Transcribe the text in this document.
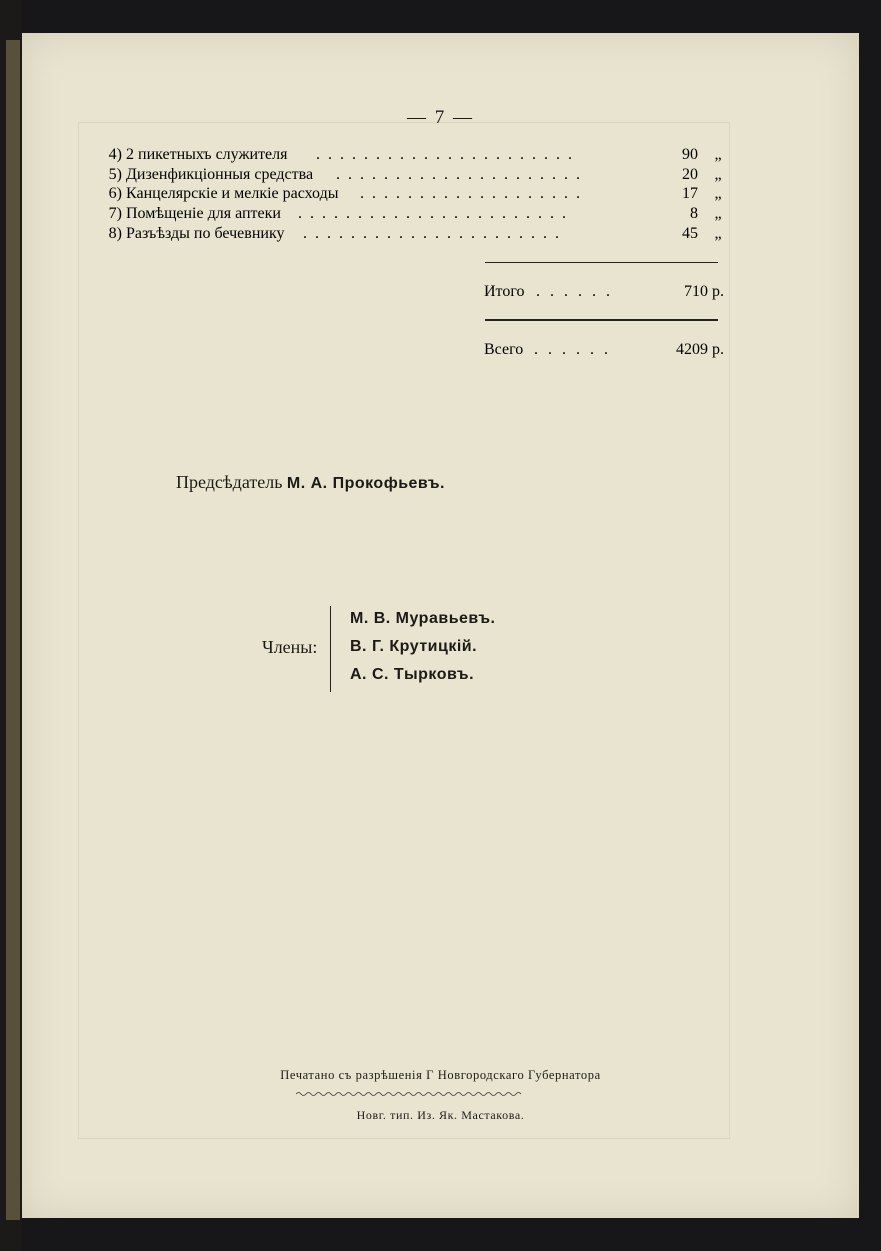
— 7 —
. . . . . . . . . . . . . . . . . . . . . .
4) 2 пикетныхъ служителя	90	„
. . . . . . . . . . . . . . . . . . . . .
5) Дизенфикціонныя средства	20	„
. . . . . . . . . . . . . . . . . . .
6) Канцелярскіе и мелкіе расходы	17	„
. . . . . . . . . . . . . . . . . . . . . . .
7) Помѣщеніе для аптеки	8	„
. . . . . . . . . . . . . . . . . . . . . .
8) Разъѣзды по бечевнику	45	„
Итого . . . . . .	710 р.
Всего . . . . . .	4209 р.
Предсѣдатель М. А. Прокофьевъ.
Члены:
М. В. Муравьевъ.
В. Г. Крутицкій.
А. С. Тырковъ.
Печатано съ разрѣшенія Г Новгородскаго Губернатора
Новг. тип. Из. Як. Мастакова.
